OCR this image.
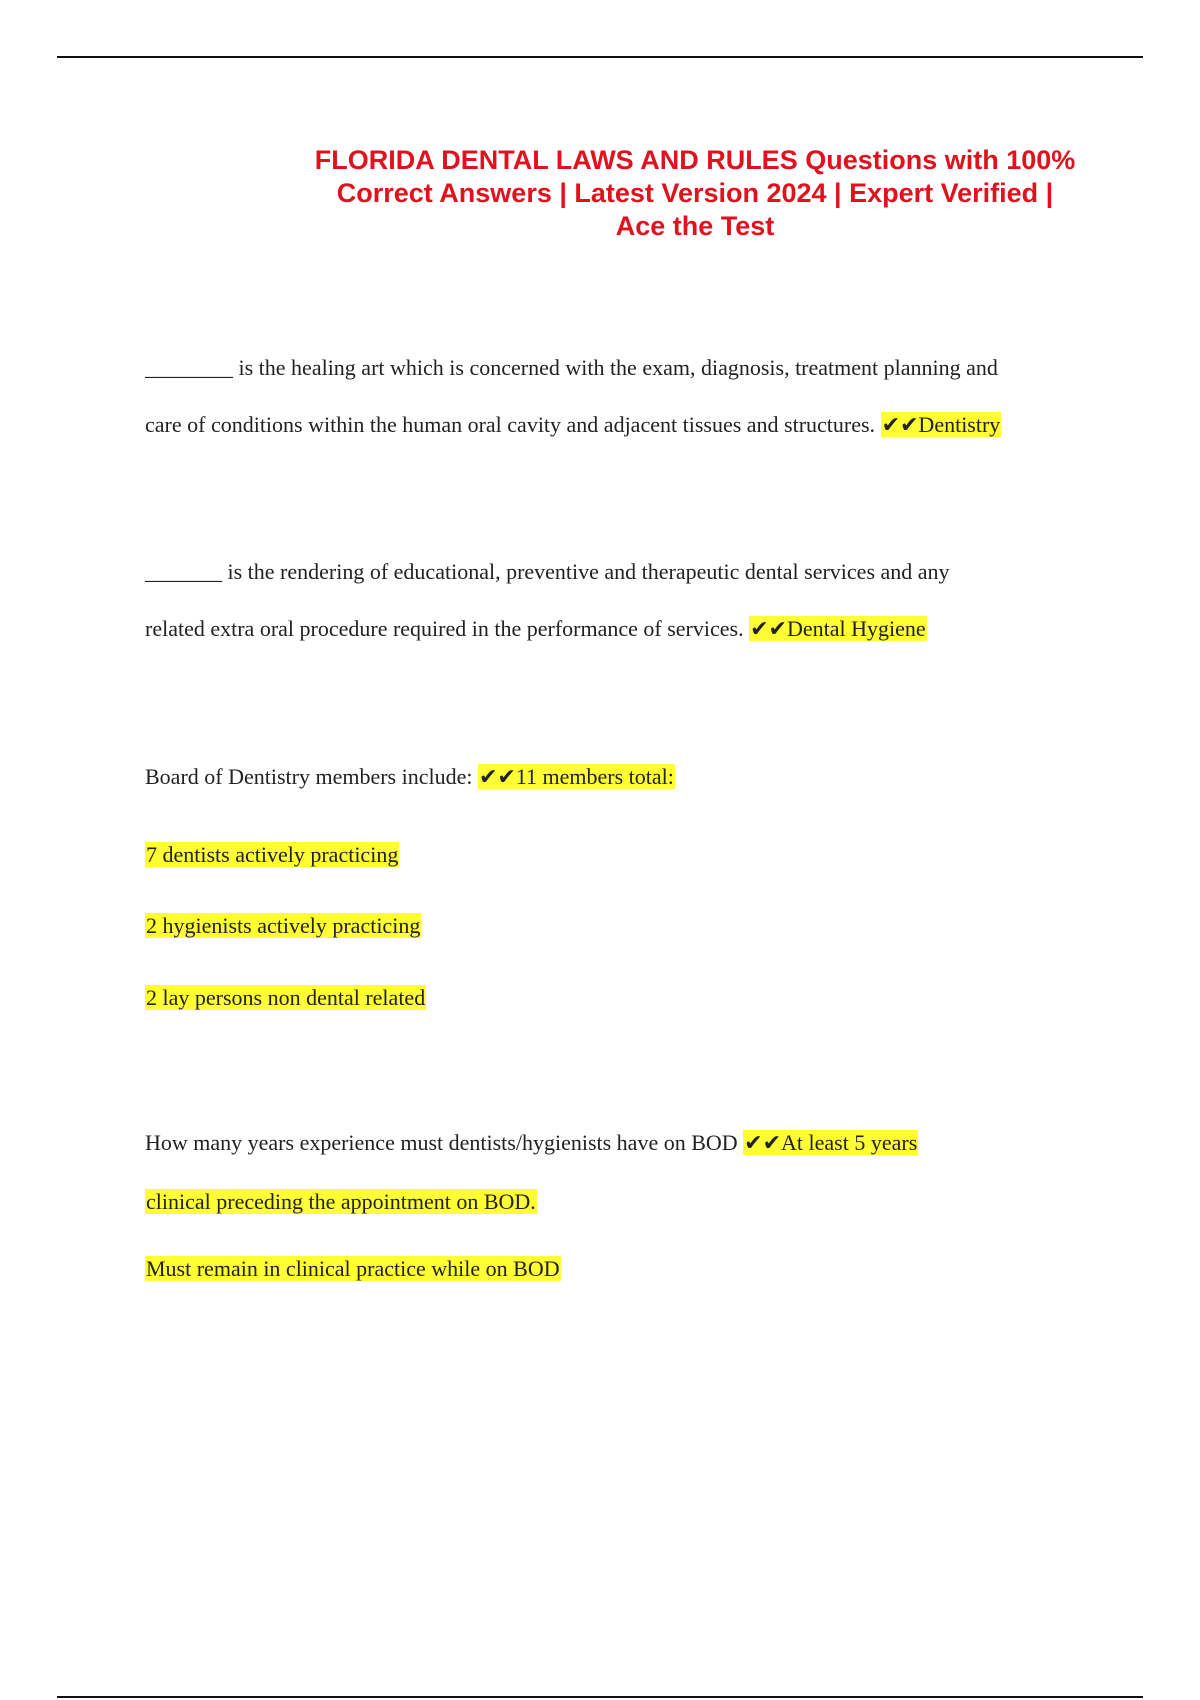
FLORIDA DENTAL LAWS AND RULES Questions with 100% Correct Answers | Latest Version 2024 | Expert Verified | Ace the Test
________ is the healing art which is concerned with the exam, diagnosis, treatment planning and
care of conditions within the human oral cavity and adjacent tissues and structures. ✔✔Dentistry
_______ is the rendering of educational, preventive and therapeutic dental services and any
related extra oral procedure required in the performance of services. ✔✔Dental Hygiene
Board of Dentistry members include: ✔✔11 members total:
7 dentists actively practicing
2 hygienists actively practicing
2 lay persons non dental related
How many years experience must dentists/hygienists have on BOD ✔✔At least 5 years
clinical preceding the appointment on BOD.
Must remain in clinical practice while on BOD
